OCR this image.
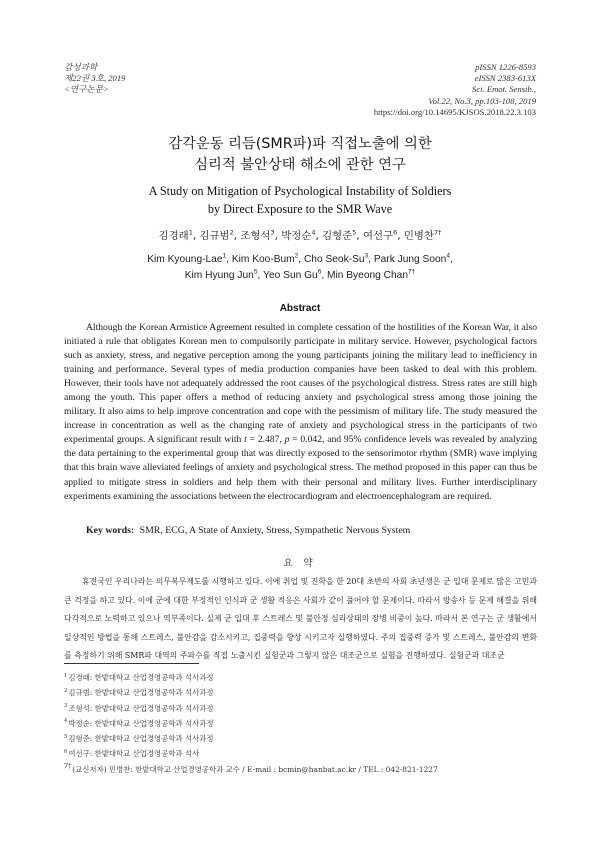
감성과학
제22권 3호, 2019
<연구논문>
pISSN 1226-8593
eISSN 2383-613X
Sci. Emot. Sensib.,
Vol.22, No.3, pp.103-108, 2019
https://doi.org/10.14695/KJSOS.2018.22.3.103
감각운동 리듬(SMR파)파 직접노출에 의한
심리적 불안상태 해소에 관한 연구
A Study on Mitigation of Psychological Instability of Soldiers
by Direct Exposure to the SMR Wave
김경래$^1$, 김규범$^2$, 조형석$^3$, 박정순$^4$, 김형준$^5$, 여선구$^6$, 민병찬$^{7\dagger}$
Kim Kyoung-Lae$^1$, Kim Koo-Bum$^2$, Cho Seok-Su$^3$, Park Jung Soon$^4$,
Kim Hyung Jun$^5$, Yeo Sun Gu$^6$, Min Byeong Chan$^{7\dagger}$
Abstract
Although the Korean Armistice Agreement resulted in complete cessation of the hostilities of the Korean War, it also initiated a rule that obligates Korean men to compulsorily participate in military service. However, psychological factors such as anxiety, stress, and negative perception among the young participants joining the military lead to inefficiency in training and performance. Several types of media production companies have been tasked to deal with this problem. However, their tools have not adequately addressed the root causes of the psychological distress. Stress rates are still high among the youth. This paper offers a method of reducing anxiety and psychological stress among those joining the military. It also aims to help improve concentration and cope with the pessimism of military life. The study measured the increase in concentration as well as the changing rate of anxiety and psychological stress in the participants of two experimental groups. A significant result with t = 2.487, p = 0.042, and 95% confidence levels was revealed by analyzing the data pertaining to the experimental group that was directly exposed to the sensorimotor rhythm (SMR) wave implying that this brain wave alleviated feelings of anxiety and psychological stress. The method proposed in this paper can thus be applied to mitigate stress in soldiers and help them with their personal and military lives. Further interdisciplinary experiments examining the associations between the electrocardiogram and electroencephalogram are required.
Key words: SMR, ECG, A State of Anxiety, Stress, Sympathetic Nervous System
요 약
휴전국인 우리나라는 의무복무제도를 시행하고 있다. 이에 취업 및 진학을 한 20대 초반의 사회 초년생은 군 입대 문제로 많은 고민과 큰 걱정을 하고 있다. 이에 군에 대한 부정적인 인식과 군 생활 적응은 사회가 같이 풀어야 할 문제이다. 따라서 방송사 등 문제 해결을 위해 다각적으로 노력하고 있으나 역부족이다. 실제 군 입대 후 스트레스 및 불안정 심리상태의 장병 비중이 높다. 따라서 본 연구는 군 생활에서 일상적인 방법을 통해 스트레스, 불안감을 감소시키고, 집중력을 향상 시키고자 실행하였다. 주의 집중력 증가 및 스트레스, 불안감의 변화를 측정하기 위해 SMR파 대역의 주파수를 직접 노출시킨 실험군과 그렇지 않은 대조군으로 실험을 진행하였다. 실험군과 대조군
$^1$김경래: 한밭대학교 산업경영공학과 석사과정
$^2$김규범: 한밭대학교 산업경영공학과 석사과정
$^3$조형석: 한밭대학교 산업경영공학과 석사과정
$^4$박정순: 한밭대학교 산업경영공학과 석사과정
$^5$김형준: 한밭대학교 산업경영공학과 석사과정
$^6$여선구: 한밭대학교 산업경영공학과 석사
$^{7\dagger}$(교신저자) 민병찬: 한밭대학교 산업경영공학과 교수 / E-mail : bcmin@hanbat.ac.kr / TEL : 042-821-1227
